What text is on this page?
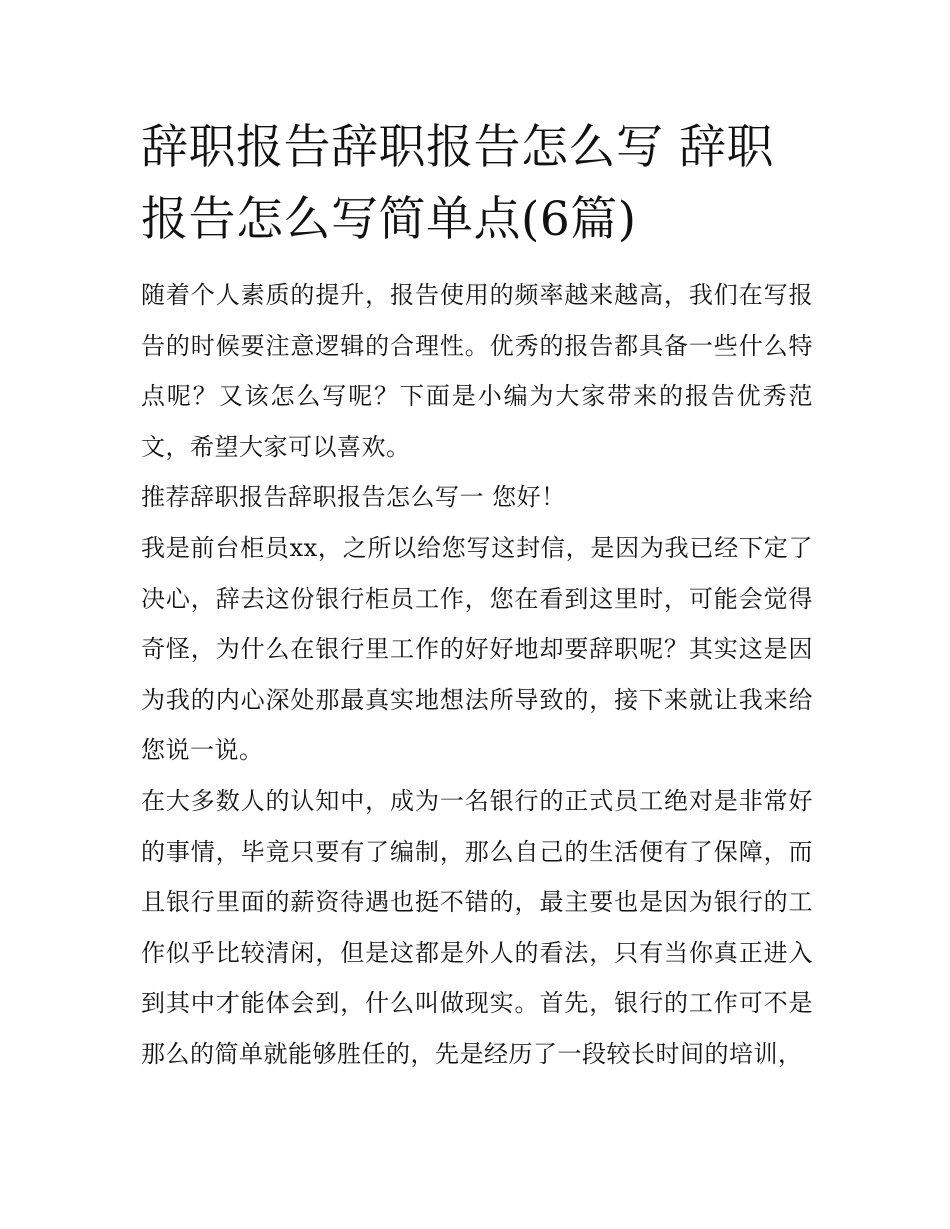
辞职报告辞职报告怎么写 辞职报告怎么写简单点(6篇)

随着个人素质的提升，报告使用的频率越来越高，我们在写报告的时候要注意逻辑的合理性。优秀的报告都具备一些什么特点呢？又该怎么写呢？下面是小编为大家带来的报告优秀范文，希望大家可以喜欢。

推荐辞职报告辞职报告怎么写一 您好！

我是前台柜员xx，之所以给您写这封信，是因为我已经下定了决心，辞去这份银行柜员工作，您在看到这里时，可能会觉得奇怪，为什么在银行里工作的好好地却要辞职呢？其实这是因为我的内心深处那最真实地想法所导致的，接下来就让我来给您说一说。

在大多数人的认知中，成为一名银行的正式员工绝对是非常好的事情，毕竟只要有了编制，那么自己的生活便有了保障，而且银行里面的薪资待遇也挺不错的，最主要也是因为银行的工作似乎比较清闲，但是这都是外人的看法，只有当你真正进入到其中才能体会到，什么叫做现实。首先，银行的工作可不是那么的简单就能够胜任的，先是经历了一段较长时间的培训，
